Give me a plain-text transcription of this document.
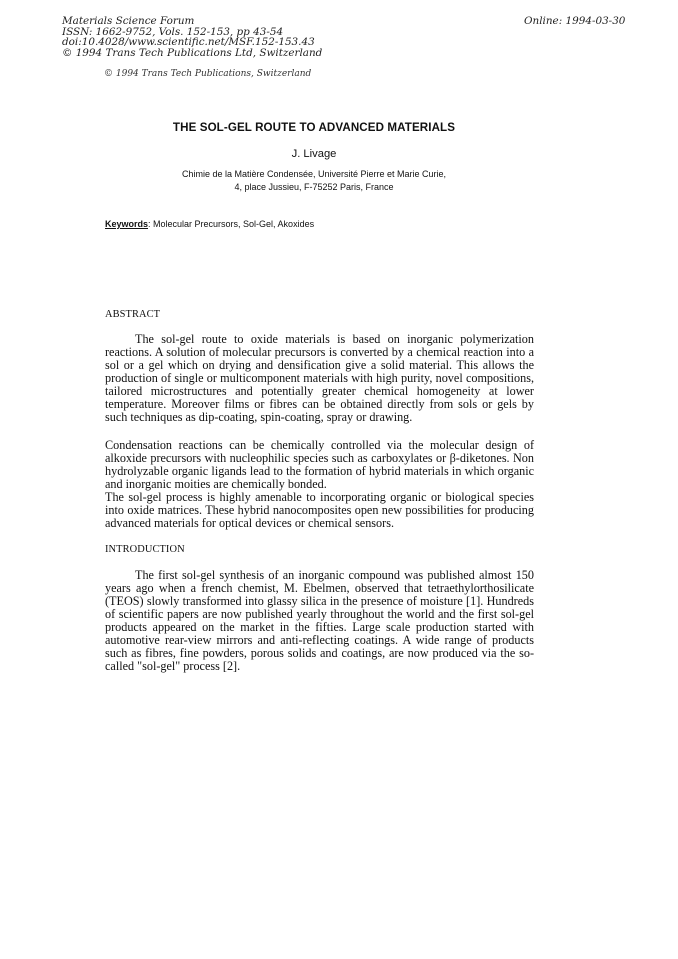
Materials Science Forum
ISSN: 1662-9752, Vols. 152-153, pp 43-54
doi:10.4028/www.scientific.net/MSF.152-153.43
© 1994 Trans Tech Publications Ltd, Switzerland
Online: 1994-03-30
© 1994 Trans Tech Publications, Switzerland
THE SOL-GEL ROUTE TO ADVANCED MATERIALS
J. Livage
Chimie de la Matière Condensée, Université Pierre et Marie Curie,
4, place Jussieu, F-75252 Paris, France
Keywords: Molecular Precursors, Sol-Gel, Akoxides
ABSTRACT
The sol-gel route to oxide materials is based on inorganic polymerization reactions. A solution of molecular precursors is converted by a chemical reaction into a sol or a gel which on drying and densification give a solid material. This allows the production of single or multicomponent materials with high purity, novel compositions, tailored microstructures and potentially greater chemical homogeneity at lower temperature. Moreover films or fibres can be obtained directly from sols or gels by such techniques as dip-coating, spin-coating, spray or drawing.
Condensation reactions can be chemically controlled via the molecular design of alkoxide precursors with nucleophilic species such as carboxylates or β-diketones. Non hydrolyzable organic ligands lead to the formation of hybrid materials in which organic and inorganic moities are chemically bonded.
The sol-gel process is highly amenable to incorporating organic or biological species into oxide matrices. These hybrid nanocomposites open new possibilities for producing advanced materials for optical devices or chemical sensors.
INTRODUCTION
The first sol-gel synthesis of an inorganic compound was published almost 150 years ago when a french chemist, M. Ebelmen, observed that tetraethylorthosilicate (TEOS) slowly transformed into glassy silica in the presence of moisture [1]. Hundreds of scientific papers are now published yearly throughout the world and the first sol-gel products appeared on the market in the fifties. Large scale production started with automotive rear-view mirrors and anti-reflecting coatings. A wide range of products such as fibres, fine powders, porous solids and coatings, are now produced via the so-called "sol-gel" process [2].
